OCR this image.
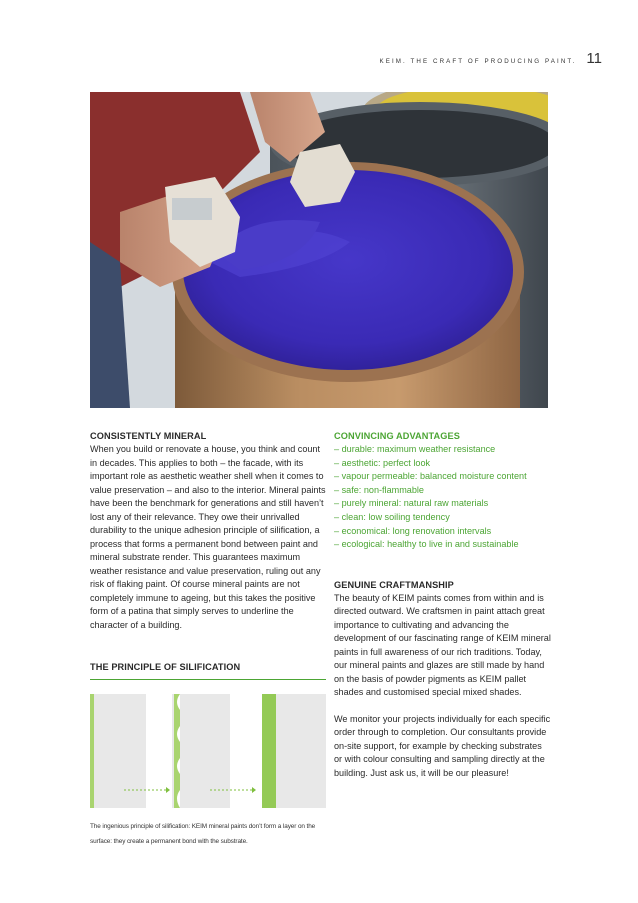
KEIM. THE CRAFT OF PRODUCING PAINT. 11
CONSISTENTLY MINERAL

When you build or renovate a house, you think and count in decades. This applies to both – the facade, with its important role as aesthetic weather shell when it comes to value preservation – and also to the interior. Mineral paints have been the benchmark for generations and still haven’t lost any of their relevance. They owe their unrivalled durability to the unique adhesion principle of silification, a process that forms a permanent bond between paint and mineral substrate render. This guarantees maximum weather resistance and value preservation, ruling out any risk of flaking paint. Of course mineral paints are not completely immune to ageing, but this takes the positive form of a patina that simply serves to underline the character of a building.

THE PRINCIPLE OF SILIFICATION
The ingenious principle of silification: KEIM mineral paints don’t form a layer on the surface: they create a permanent bond with the substrate.
CONVINCING ADVANTAGES
– durable: maximum weather resistance
– aesthetic: perfect look
– vapour permeable: balanced moisture content
– safe: non-flammable
– purely mineral: natural raw materials
– clean: low soiling tendency
– economical: long renovation intervals
– ecological: healthy to live in and sustainable
GENUINE CRAFTMANSHIP

The beauty of KEIM paints comes from within and is directed outward. We craftsmen in paint attach great importance to cultivating and advancing the development of our fascinating range of KEIM mineral paints in full awareness of our rich traditions. Today, our mineral paints and glazes are still made by hand on the basis of powder pigments as KEIM pallet shades and customised special mixed shades.

We monitor your projects individually for each specific order through to completion. Our consultants provide on-site support, for example by checking substrates or with colour consulting and sampling directly at the building. Just ask us, it will be our pleasure!
